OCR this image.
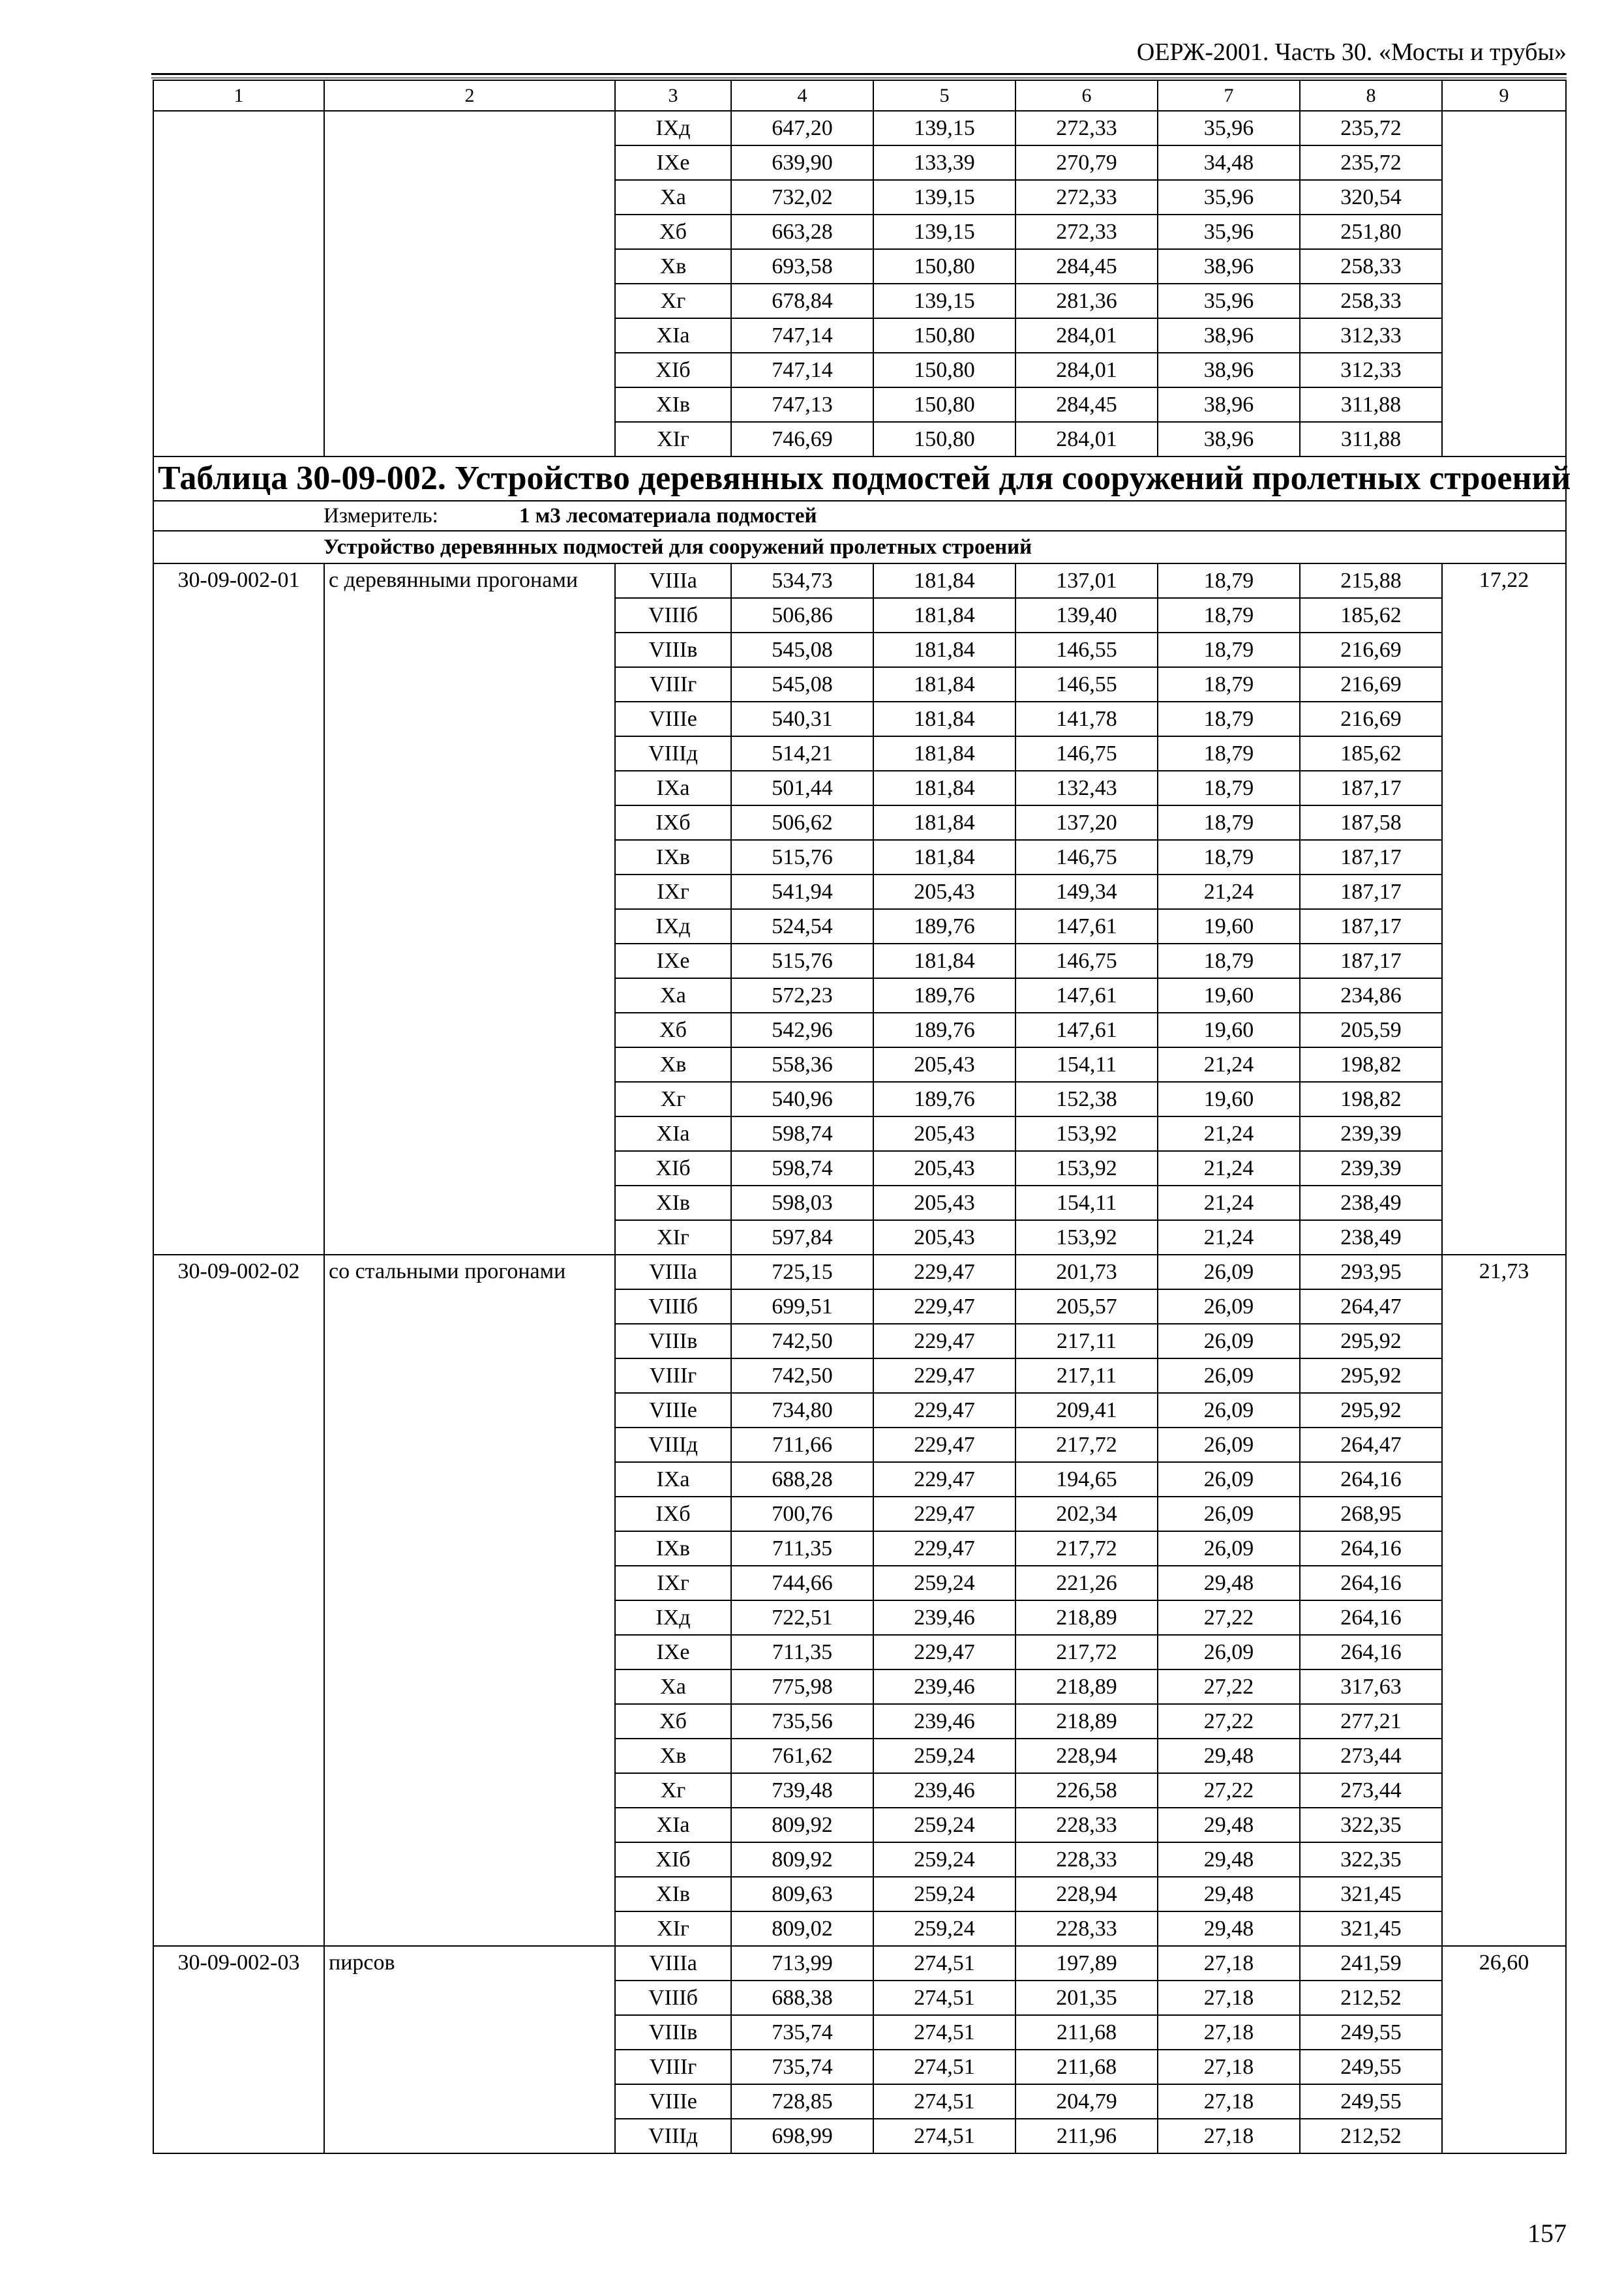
ОЕРЖ-2001. Часть 30. «Мосты и трубы»
1	2	3	4	5	6	7	8	9
		IXд	647,20	139,15	272,33	35,96	235,72	
		IXе	639,90	133,39	270,79	34,48	235,72	
		Xа	732,02	139,15	272,33	35,96	320,54	
		Xб	663,28	139,15	272,33	35,96	251,80	
		Xв	693,58	150,80	284,45	38,96	258,33	
		Xг	678,84	139,15	281,36	35,96	258,33	
		XIа	747,14	150,80	284,01	38,96	312,33	
		XIб	747,14	150,80	284,01	38,96	312,33	
		XIв	747,13	150,80	284,45	38,96	311,88	
		XIг	746,69	150,80	284,01	38,96	311,88	
Таблица 30-09-002. Устройство деревянных подмостей для сооружений пролетных строений								
Измеритель: 1 м3 лесоматериала подмостей								
Устройство деревянных подмостей для сооружений пролетных строений								
30-09-002-01	с деревянными прогонами	VIIIа	534,73	181,84	137,01	18,79	215,88	17,22
		VIIIб	506,86	181,84	139,40	18,79	185,62	
		VIIIв	545,08	181,84	146,55	18,79	216,69	
		VIIIг	545,08	181,84	146,55	18,79	216,69	
		VIIIе	540,31	181,84	141,78	18,79	216,69	
		VIIIд	514,21	181,84	146,75	18,79	185,62	
		IXа	501,44	181,84	132,43	18,79	187,17	
		IXб	506,62	181,84	137,20	18,79	187,58	
		IXв	515,76	181,84	146,75	18,79	187,17	
		IXг	541,94	205,43	149,34	21,24	187,17	
		IXд	524,54	189,76	147,61	19,60	187,17	
		IXе	515,76	181,84	146,75	18,79	187,17	
		Xа	572,23	189,76	147,61	19,60	234,86	
		Xб	542,96	189,76	147,61	19,60	205,59	
		Xв	558,36	205,43	154,11	21,24	198,82	
		Xг	540,96	189,76	152,38	19,60	198,82	
		XIа	598,74	205,43	153,92	21,24	239,39	
		XIб	598,74	205,43	153,92	21,24	239,39	
		XIв	598,03	205,43	154,11	21,24	238,49	
		XIг	597,84	205,43	153,92	21,24	238,49	
30-09-002-02	со стальными прогонами	VIIIа	725,15	229,47	201,73	26,09	293,95	21,73
		VIIIб	699,51	229,47	205,57	26,09	264,47	
		VIIIв	742,50	229,47	217,11	26,09	295,92	
		VIIIг	742,50	229,47	217,11	26,09	295,92	
		VIIIе	734,80	229,47	209,41	26,09	295,92	
		VIIIд	711,66	229,47	217,72	26,09	264,47	
		IXа	688,28	229,47	194,65	26,09	264,16	
		IXб	700,76	229,47	202,34	26,09	268,95	
		IXв	711,35	229,47	217,72	26,09	264,16	
		IXг	744,66	259,24	221,26	29,48	264,16	
		IXд	722,51	239,46	218,89	27,22	264,16	
		IXе	711,35	229,47	217,72	26,09	264,16	
		Xа	775,98	239,46	218,89	27,22	317,63	
		Xб	735,56	239,46	218,89	27,22	277,21	
		Xв	761,62	259,24	228,94	29,48	273,44	
		Xг	739,48	239,46	226,58	27,22	273,44	
		XIа	809,92	259,24	228,33	29,48	322,35	
		XIб	809,92	259,24	228,33	29,48	322,35	
		XIв	809,63	259,24	228,94	29,48	321,45	
		XIг	809,02	259,24	228,33	29,48	321,45	
30-09-002-03	пирсов	VIIIа	713,99	274,51	197,89	27,18	241,59	26,60
		VIIIб	688,38	274,51	201,35	27,18	212,52	
		VIIIв	735,74	274,51	211,68	27,18	249,55	
		VIIIг	735,74	274,51	211,68	27,18	249,55	
		VIIIе	728,85	274,51	204,79	27,18	249,55	
		VIIIд	698,99	274,51	211,96	27,18	212,52	
157
